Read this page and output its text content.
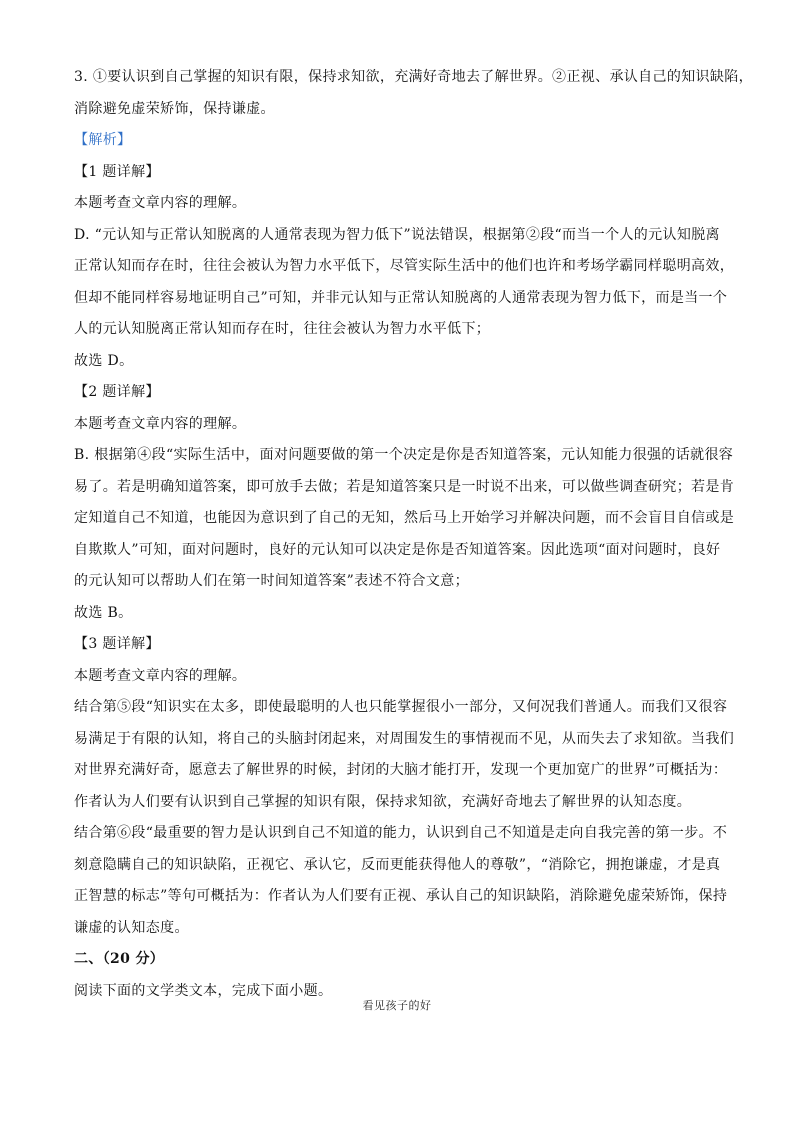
3. ①要认识到自己掌握的知识有限，保持求知欲，充满好奇地去了解世界。②正视、承认自己的知识缺陷，
消除避免虚荣矫饰，保持谦虚。
【解析】
【1 题详解】
本题考查文章内容的理解。
D. “元认知与正常认知脱离的人通常表现为智力低下”说法错误，根据第②段“而当一个人的元认知脱离
正常认知而存在时，往往会被认为智力水平低下，尽管实际生活中的他们也许和考场学霸同样聪明高效，
但却不能同样容易地证明自己”可知，并非元认知与正常认知脱离的人通常表现为智力低下，而是当一个
人的元认知脱离正常认知而存在时，往往会被认为智力水平低下；
故选 D。
【2 题详解】
本题考查文章内容的理解。
B. 根据第④段“实际生活中，面对问题要做的第一个决定是你是否知道答案，元认知能力很强的话就很容
易了。若是明确知道答案，即可放手去做；若是知道答案只是一时说不出来，可以做些调查研究；若是肯
定知道自己不知道，也能因为意识到了自己的无知，然后马上开始学习并解决问题，而不会盲目自信或是
自欺欺人”可知，面对问题时，良好的元认知可以决定是你是否知道答案。因此选项“面对问题时，良好
的元认知可以帮助人们在第一时间知道答案”表述不符合文意；
故选 B。
【3 题详解】
本题考查文章内容的理解。
结合第⑤段“知识实在太多，即使最聪明的人也只能掌握很小一部分，又何况我们普通人。而我们又很容
易满足于有限的认知，将自己的头脑封闭起来，对周围发生的事情视而不见，从而失去了求知欲。当我们
对世界充满好奇，愿意去了解世界的时候，封闭的大脑才能打开，发现一个更加宽广的世界”可概括为：
作者认为人们要有认识到自己掌握的知识有限，保持求知欲，充满好奇地去了解世界的认知态度。
结合第⑥段“最重要的智力是认识到自己不知道的能力，认识到自己不知道是走向自我完善的第一步。不
刻意隐瞒自己的知识缺陷，正视它、承认它，反而更能获得他人的尊敬”，“消除它，拥抱谦虚，才是真
正智慧的标志”等句可概括为：作者认为人们要有正视、承认自己的知识缺陷，消除避免虚荣矫饰，保持
谦虚的认知态度。
二、（20 分）
阅读下面的文学类文本，完成下面小题。
看见孩子的好
